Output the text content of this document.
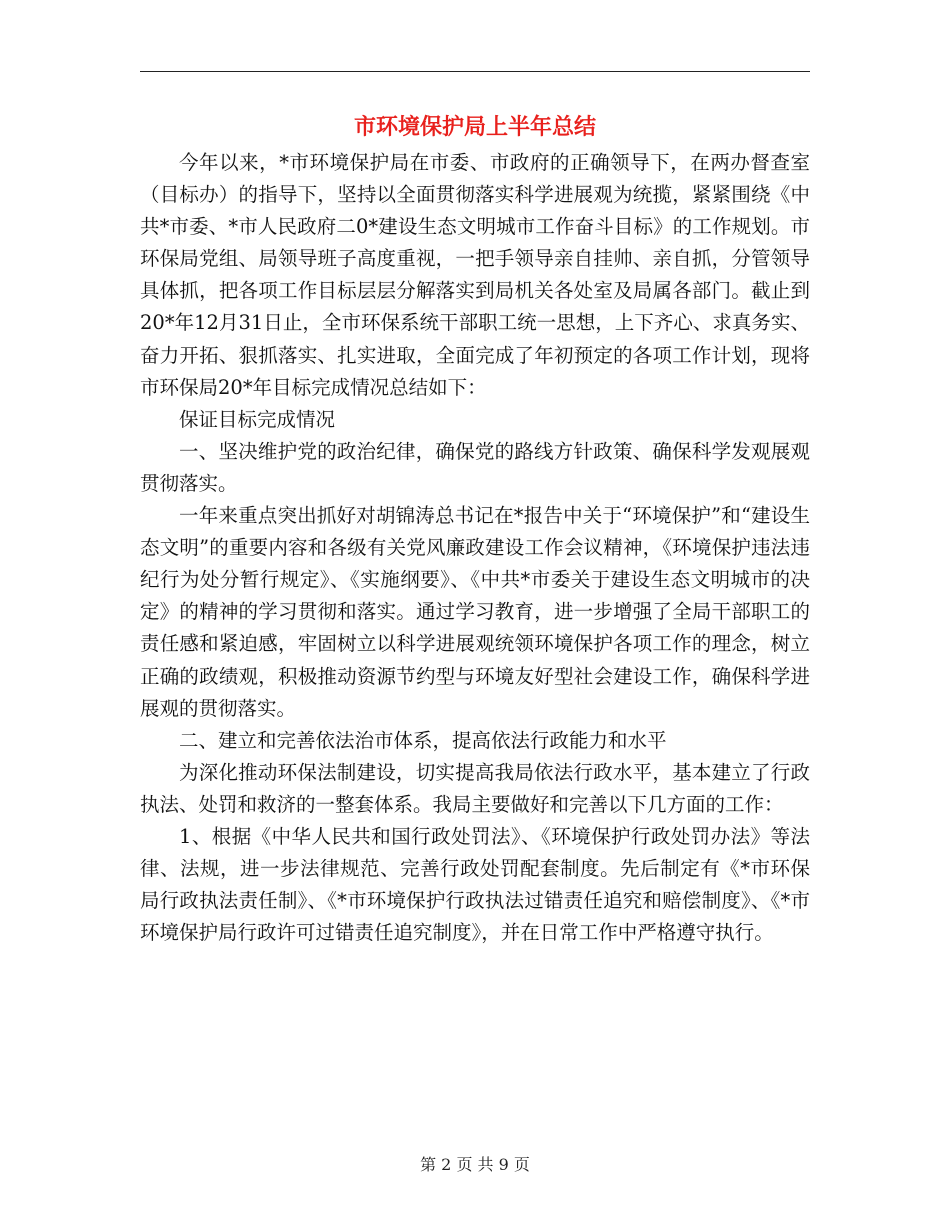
市环境保护局上半年总结

今年以来，*市环境保护局在市委、市政府的正确领导下，在两办督查室（目标办）的指导下，坚持以全面贯彻落实科学进展观为统揽，紧紧围绕《中共*市委、*市人民政府二0*建设生态文明城市工作奋斗目标》的工作规划。市环保局党组、局领导班子高度重视，一把手领导亲自挂帅、亲自抓，分管领导具体抓，把各项工作目标层层分解落实到局机关各处室及局属各部门。截止到20*年12月31日止，全市环保系统干部职工统一思想，上下齐心、求真务实、奋力开拓、狠抓落实、扎实进取，全面完成了年初预定的各项工作计划，现将市环保局20*年目标完成情况总结如下：

保证目标完成情况

一、坚决维护党的政治纪律，确保党的路线方针政策、确保科学发观展观贯彻落实。

一年来重点突出抓好对胡锦涛总书记在*报告中关于“环境保护”和“建设生态文明”的重要内容和各级有关党风廉政建设工作会议精神，《环境保护违法违纪行为处分暂行规定》、《实施纲要》、《中共*市委关于建设生态文明城市的决定》的精神的学习贯彻和落实。通过学习教育，进一步增强了全局干部职工的责任感和紧迫感，牢固树立以科学进展观统领环境保护各项工作的理念，树立正确的政绩观，积极推动资源节约型与环境友好型社会建设工作，确保科学进展观的贯彻落实。

二、建立和完善依法治市体系，提高依法行政能力和水平

为深化推动环保法制建设，切实提高我局依法行政水平，基本建立了行政执法、处罚和救济的一整套体系。我局主要做好和完善以下几方面的工作：

1、根据《中华人民共和国行政处罚法》、《环境保护行政处罚办法》等法律、法规，进一步法律规范、完善行政处罚配套制度。先后制定有《*市环保局行政执法责任制》、《*市环境保护行政执法过错责任追究和赔偿制度》、《*市环境保护局行政许可过错责任追究制度》，并在日常工作中严格遵守执行。

第 2 页 共 9 页
